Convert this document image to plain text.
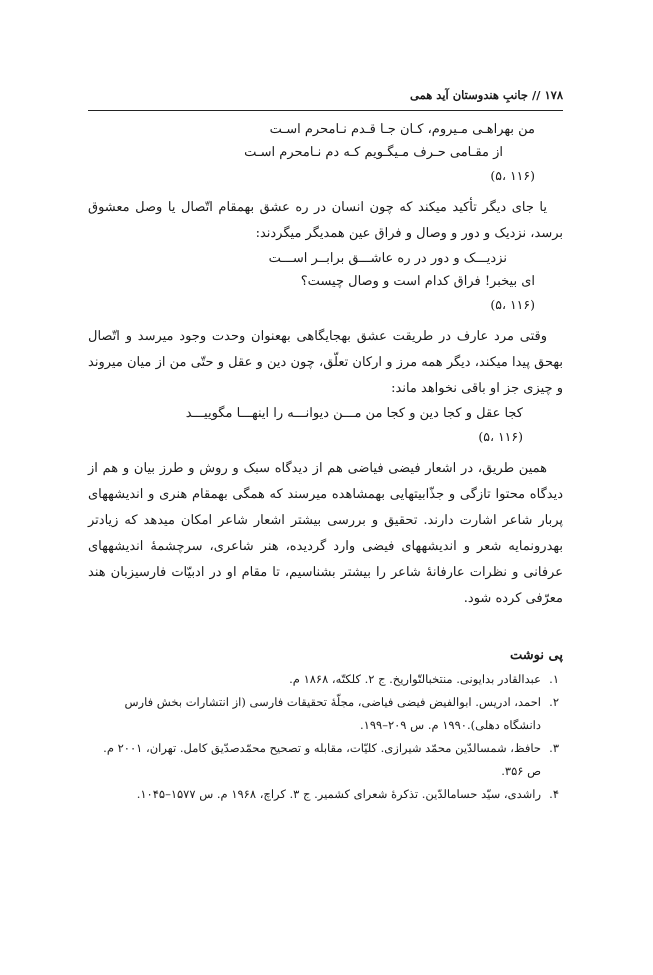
۱۷۸ // جانبِ هندوستان آید همی
من بهراهـی مـیروم، کـان جـا قـدم نـامحرم اسـت
از مقـامی حـرف مـیگـویم کـه دم نـامحرم اسـت
(۱۱۶ ،۵)

یا جای دیگر تأکید میکند که چون انسان در ره عشق بهمقام اتّصال یا وصل معشوق برسد، نزدیک و دور و وصال و فراق عین همدیگر میگردند:

نزدیـــک و دور در ره عاشـــق برابــر اســـت
ای بیخبر! فراق کدام است و وصال چیست؟
(۱۱۶ ،۵)

وقتی مرد عارف در طریقت عشق بهجایگاهی بهعنوان وحدت وجود میرسد و اتّصال بهحق پیدا میکند، دیگر همه مرز و ارکان تعلّق، چون دین و عقل و حتّی من از میان میروند و چیزی جز او باقی نخواهد ماند:

کجا عقل و کجا دین و کجا من مـــن دیوانـــه را اینهـــا مگوییـــد
(۱۱۶ ،۵)

همین طریق، در اشعار فیضی فیاضی هم از دیدگاه سبک و روش و طرز بیان و هم از دیدگاه محتوا تازگی و جذّابیتهایی بهمشاهده میرسند که همگی بهمقام هنری و اندیشههای پربار شاعر اشارت دارند. تحقیق و بررسی بیشتر اشعار شاعر امکان میدهد که زیادتر بهدرونمایه شعر و اندیشههای فیضی وارد گردیده، هنر شاعری، سرچشمۀ اندیشههای عرفانی و نظرات عارفانۀ شاعر را بیشتر بشناسیم، تا مقام او در ادبیّات فارسیزبان هند معرّفی کرده شود.

پی نوشت
۱.
عبدالقادر بدایونی. منتخبالتّواریخ. ج ۲. کلکتّه، ۱۸۶۸ م.
۲.
احمد، ادریس. ابوالفیض فیضی فیاضی، مجلّۀ تحقیقات فارسی (از انتشارات بخش فارس دانشگاه دهلی).۱۹۹۰ م. س ۲۰۹–۱۹۹.
۳.
حافظ، شمسالدّین محمّد شیرازی. کلیّات، مقابله و تصحیح محمّدصدّیق کامل. تهران، ۲۰۰۱ م. ص ۳۵۶.
۴.
راشدی، سیّد حسامالدّین. تذکرۀ شعرای کشمیر. ج ۳. کراچ، ۱۹۶۸ م. س ۱۵۷۷–۱۰۴۵.
